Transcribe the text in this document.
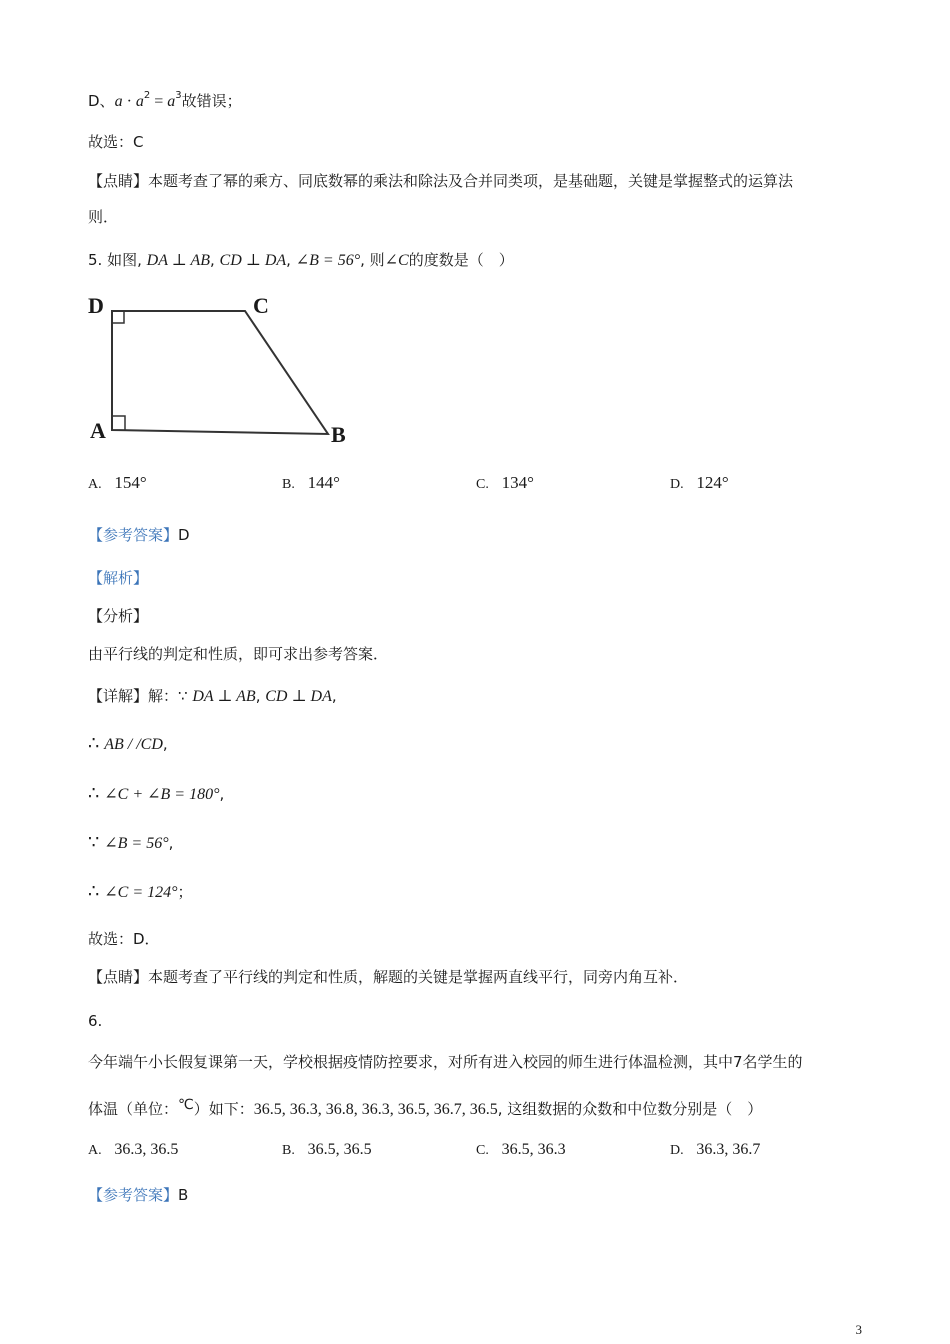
D、$a \cdot a^2 = a^3$故错误；
故选：C
【点睛】本题考查了幂的乘方、同底数幂的乘法和除法及合并同类项，是基础题，关键是掌握整式的运算法
则．
5. 如图, DA ⊥ AB, CD ⊥ DA, ∠B = 56°, 则∠C的度数是（　）
D	C
A	B
A. 154°	B. 144°	C. 134°	D. 124°
【参考答案】D
【解析】
【分析】
由平行线的判定和性质，即可求出参考答案．
【详解】解：∵ DA ⊥ AB, CD ⊥ DA,
∴ AB / /CD,
∴ ∠C + ∠B = 180°,
∵ ∠B = 56°,
∴ ∠C = 124°；
故选：D．
【点睛】本题考查了平行线的判定和性质，解题的关键是掌握两直线平行，同旁内角互补．
6.
今年端午小长假复课第一天，学校根据疫情防控要求，对所有进入校园的师生进行体温检测，其中7名学生的
体温（单位：℃）如下：36.5, 36.3, 36.8, 36.3, 36.5, 36.7, 36.5, 这组数据的众数和中位数分别是（　）
A. 36.3, 36.5	B. 36.5, 36.5	C. 36.5, 36.3	D. 36.3, 36.7
【参考答案】B
3
